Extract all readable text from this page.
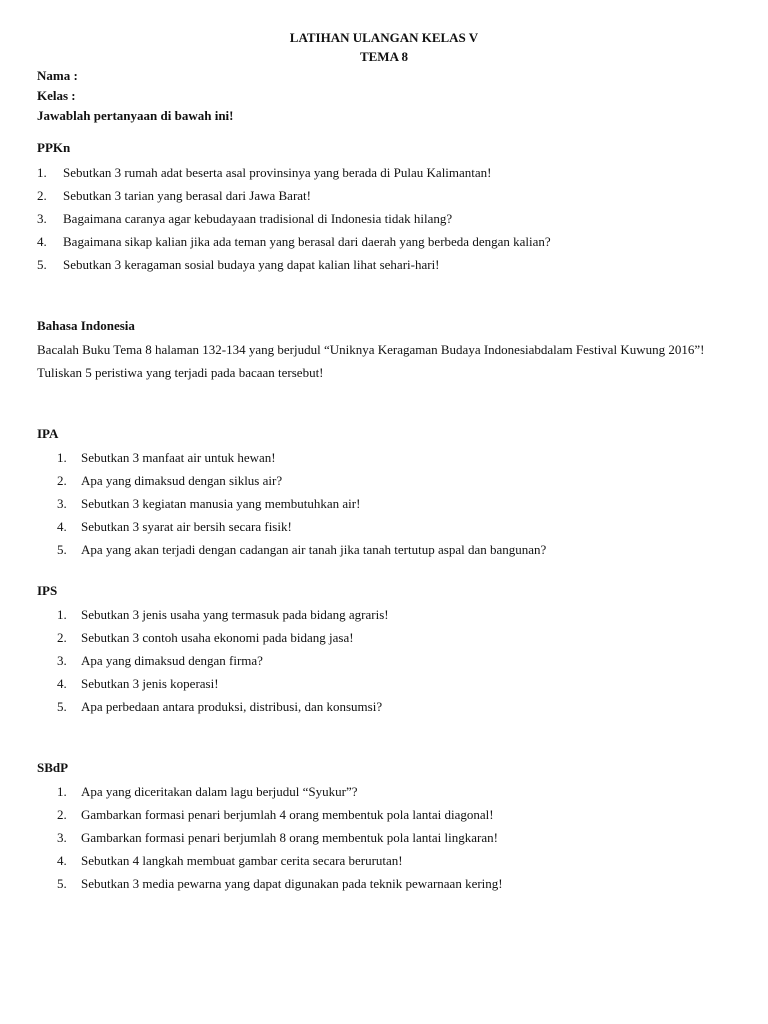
LATIHAN ULANGAN KELAS V
TEMA 8
Nama :
Kelas :
Jawablah pertanyaan di bawah ini!
PPKn
1.	Sebutkan 3 rumah adat beserta asal provinsinya yang berada di Pulau Kalimantan!
2.	Sebutkan 3 tarian yang berasal dari Jawa Barat!
3.	Bagaimana caranya agar kebudayaan tradisional di Indonesia tidak hilang?
4.	Bagaimana sikap kalian jika ada teman yang berasal dari daerah yang berbeda dengan kalian?
5.	Sebutkan 3 keragaman sosial budaya yang dapat kalian lihat sehari-hari!
Bahasa Indonesia
Bacalah Buku Tema 8 halaman 132-134 yang berjudul “Uniknya Keragaman Budaya Indonesiabdalam Festival Kuwung 2016”!
Tuliskan 5 peristiwa yang terjadi pada bacaan tersebut!
IPA
1.	Sebutkan 3 manfaat air untuk hewan!
2.	Apa yang dimaksud dengan siklus air?
3.	Sebutkan 3 kegiatan manusia yang membutuhkan air!
4.	Sebutkan 3 syarat air bersih secara fisik!
5.	Apa yang akan terjadi dengan cadangan air tanah jika tanah tertutup aspal dan bangunan?
IPS
1.	Sebutkan 3 jenis usaha yang termasuk pada bidang agraris!
2.	Sebutkan 3 contoh usaha ekonomi pada bidang jasa!
3.	Apa yang dimaksud dengan firma?
4.	Sebutkan 3 jenis koperasi!
5.	Apa perbedaan antara produksi, distribusi, dan konsumsi?
SBdP
1.	Apa yang diceritakan dalam lagu berjudul “Syukur”?
2.	Gambarkan formasi penari berjumlah 4 orang membentuk pola lantai diagonal!
3.	Gambarkan formasi penari berjumlah 8 orang membentuk pola lantai lingkaran!
4.	Sebutkan 4 langkah membuat gambar cerita secara berurutan!
5.	Sebutkan 3 media pewarna yang dapat digunakan pada teknik pewarnaan kering!
